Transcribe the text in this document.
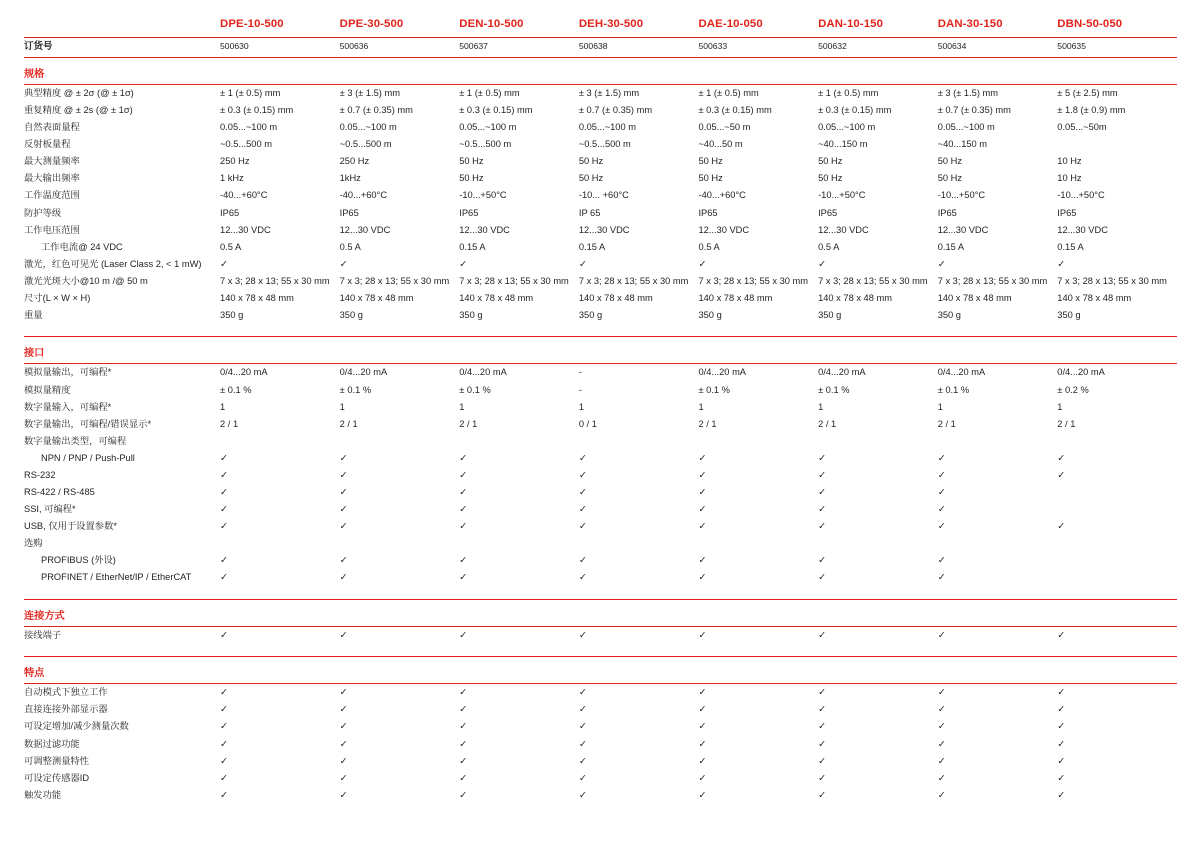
	DPE-10-500	DPE-30-500	DEN-10-500	DEH-30-500	DAE-10-050	DAN-10-150	DAN-30-150	DBN-50-050
订货号	500630	500636	500637	500638	500633	500632	500634	500635
规格								
典型精度 @ ± 2σ (@ ± 1σ)	± 1 (± 0.5) mm	± 3 (± 1.5) mm	± 1 (± 0.5) mm	± 3 (± 1.5) mm	± 1 (± 0.5) mm	± 1 (± 0.5) mm	± 3 (± 1.5) mm	± 5 (± 2.5) mm
重复精度 @ ± 2s (@ ± 1σ)	± 0.3 (± 0.15) mm	± 0.7 (± 0.35) mm	± 0.3 (± 0.15) mm	± 0.7 (± 0.35) mm	± 0.3 (± 0.15) mm	± 0.3 (± 0.15) mm	± 0.7 (± 0.35) mm	± 1.8 (± 0.9) mm
自然表面量程	0.05...~100 m	0.05...~100 m	0.05...~100 m	0.05...~100 m	0.05...~50 m	0.05...~100 m	0.05...~100 m	0.05...~50m
反射板量程	~0.5...500 m	~0.5...500 m	~0.5...500 m	~0.5...500 m	~40...50 m	~40...150 m	~40...150 m	
最大测量频率	250 Hz	250 Hz	50 Hz	50 Hz	50 Hz	50 Hz	50 Hz	10 Hz
最大输出频率	1 kHz	1kHz	50 Hz	50 Hz	50 Hz	50 Hz	50 Hz	10 Hz
工作温度范围	-40...+60°C	-40...+60°C	-10...+50°C	-10... +60°C	-40...+60°C	-10...+50°C	-10...+50°C	-10...+50°C
防护等级	IP65	IP65	IP65	IP 65	IP65	IP65	IP65	IP65
工作电压范围	12...30 VDC	12...30 VDC	12...30 VDC	12...30 VDC	12...30 VDC	12...30 VDC	12...30 VDC	12...30 VDC
工作电流@ 24 VDC	0.5 A	0.5 A	0.15 A	0.15 A	0.5 A	0.5 A	0.15 A	0.15 A
激光，红色可见光 (Laser Class 2, < 1 mW)	✓	✓	✓	✓	✓	✓	✓	✓
激光光斑大小@10 m /@ 50 m	7 x 3; 28 x 13; 55 x 30 mm	7 x 3; 28 x 13; 55 x 30 mm	7 x 3; 28 x 13; 55 x 30 mm	7 x 3; 28 x 13; 55 x 30 mm	7 x 3; 28 x 13; 55 x 30 mm	7 x 3; 28 x 13; 55 x 30 mm	7 x 3; 28 x 13; 55 x 30 mm	7 x 3; 28 x 13; 55 x 30 mm
尺寸(L × W × H)	140 x 78 x 48 mm	140 x 78 x 48 mm	140 x 78 x 48 mm	140 x 78 x 48 mm	140 x 78 x 48 mm	140 x 78 x 48 mm	140 x 78 x 48 mm	140 x 78 x 48 mm
重量	350 g	350 g	350 g	350 g	350 g	350 g	350 g	350 g

接口								
模拟量输出，可编程*	0/4...20 mA	0/4...20 mA	0/4...20 mA	-	0/4...20 mA	0/4...20 mA	0/4...20 mA	0/4...20 mA
模拟量精度	± 0.1 %	± 0.1 %	± 0.1 %	-	± 0.1 %	± 0.1 %	± 0.1 %	± 0.2 %
数字量输入，可编程*	1	1	1	1	1	1	1	1
数字量输出，可编程/错误显示*	2 / 1	2 / 1	2 / 1	0 / 1	2 / 1	2 / 1	2 / 1	2 / 1
数字量输出类型，可编程								
NPN / PNP / Push-Pull	✓	✓	✓	✓	✓	✓	✓	✓
RS-232	✓	✓	✓	✓	✓	✓	✓	✓
RS-422 / RS-485	✓	✓	✓	✓	✓	✓	✓	
SSI, 可编程*	✓	✓	✓	✓	✓	✓	✓	
USB, 仅用于设置参数*	✓	✓	✓	✓	✓	✓	✓	✓
选购								
PROFIBUS (外设)	✓	✓	✓	✓	✓	✓	✓	
PROFINET / EtherNet/IP / EtherCAT	✓	✓	✓	✓	✓	✓	✓	

连接方式								
接线端子	✓	✓	✓	✓	✓	✓	✓	✓

特点								
自动模式下独立工作	✓	✓	✓	✓	✓	✓	✓	✓
直接连接外部显示器	✓	✓	✓	✓	✓	✓	✓	✓
可设定增加/减少测量次数	✓	✓	✓	✓	✓	✓	✓	✓
数据过滤功能	✓	✓	✓	✓	✓	✓	✓	✓
可调整测量特性	✓	✓	✓	✓	✓	✓	✓	✓
可设定传感器ID	✓	✓	✓	✓	✓	✓	✓	✓
触发功能	✓	✓	✓	✓	✓	✓	✓	✓
